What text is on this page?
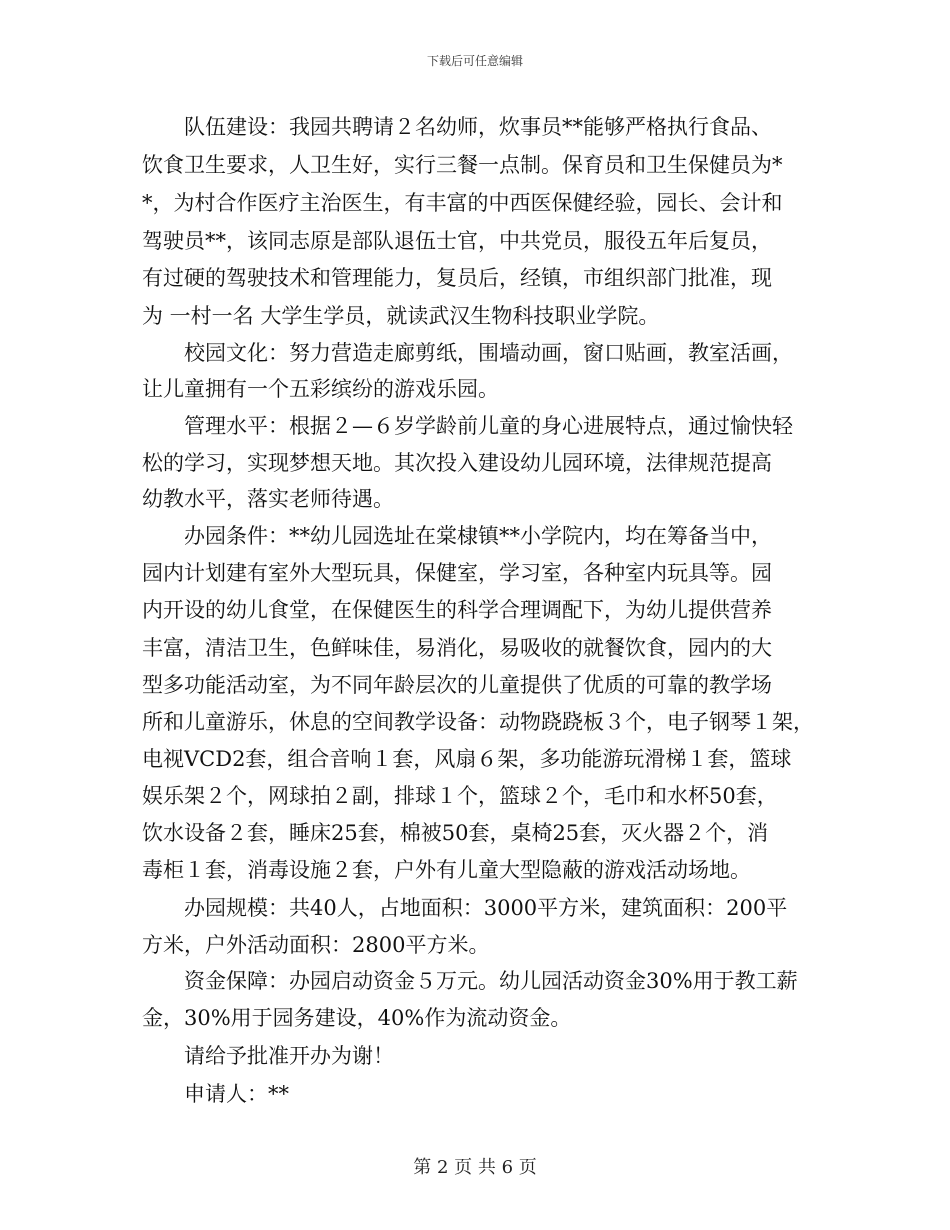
下载后可任意编辑
　　队伍建设：我园共聘请２名幼师，炊事员**能够严格执行食品、
饮食卫生要求，人卫生好，实行三餐一点制。保育员和卫生保健员为*
*，为村合作医疗主治医生，有丰富的中西医保健经验，园长、会计和
驾驶员**，该同志原是部队退伍士官，中共党员，服役五年后复员，
有过硬的驾驶技术和管理能力，复员后，经镇，市组织部门批准，现
为 一村一名 大学生学员，就读武汉生物科技职业学院。
　　校园文化：努力营造走廊剪纸，围墙动画，窗口贴画，教室活画，
让儿童拥有一个五彩缤纷的游戏乐园。
　　管理水平：根据２—６岁学龄前儿童的身心进展特点，通过愉快轻
松的学习，实现梦想天地。其次投入建设幼儿园环境，法律规范提高
幼教水平，落实老师待遇。
　　办园条件：**幼儿园选址在棠棣镇**小学院内，均在筹备当中，
园内计划建有室外大型玩具，保健室，学习室，各种室内玩具等。园
内开设的幼儿食堂，在保健医生的科学合理调配下，为幼儿提供营养
丰富，清洁卫生，色鲜味佳，易消化，易吸收的就餐饮食，园内的大
型多功能活动室，为不同年龄层次的儿童提供了优质的可靠的教学场
所和儿童游乐，休息的空间教学设备：动物跷跷板３个，电子钢琴１架，
电视VCD2套，组合音响１套，风扇６架，多功能游玩滑梯１套，篮球
娱乐架２个，网球拍２副，排球１个，篮球２个，毛巾和水杯50套，
饮水设备２套，睡床25套，棉被50套，桌椅25套，灭火器２个，消
毒柜１套，消毒设施２套，户外有儿童大型隐蔽的游戏活动场地。
　　办园规模：共40人，占地面积：3000平方米，建筑面积：200平
方米，户外活动面积：2800平方米。
　　资金保障：办园启动资金５万元。幼儿园活动资金30%用于教工薪
金，30%用于园务建设，40%作为流动资金。
　　请给予批准开办为谢！
　　申请人：**
第 2 页 共 6 页
